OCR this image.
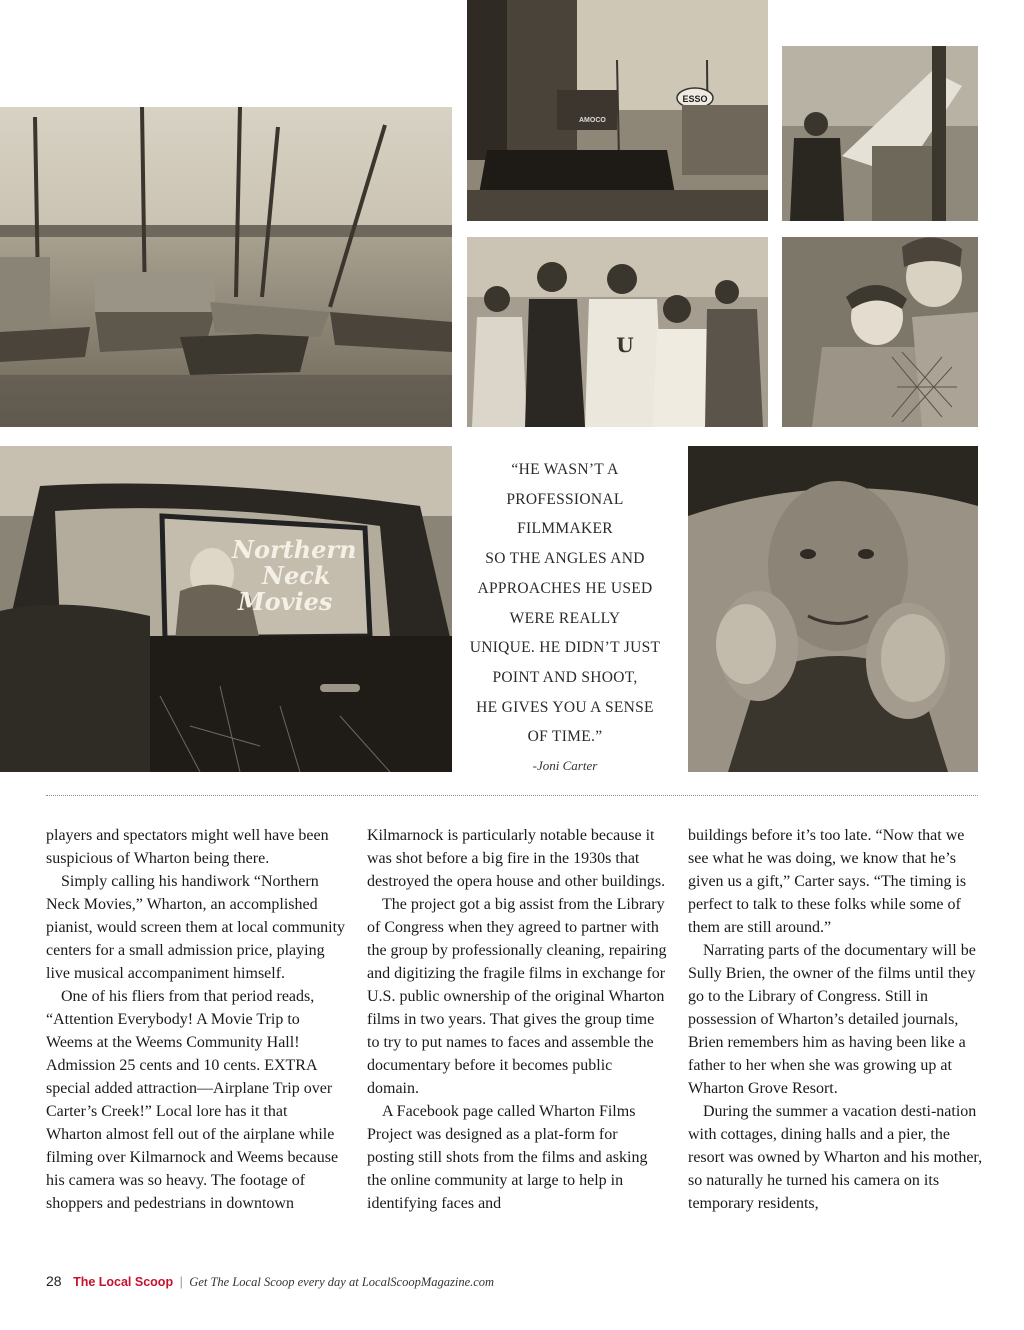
ESSO
AMOCO
U
Northern
Neck
Movies

“HE WASN’T A
PROFESSIONAL
FILMMAKER
SO THE ANGLES AND
APPROACHES HE USED
WERE REALLY
UNIQUE. HE DIDN’T JUST
POINT AND SHOOT,
HE GIVES YOU A SENSE
OF TIME.”

-Joni Carter

players and spectators might well have been suspicious of Wharton being there.

Simply calling his handiwork “Northern Neck Movies,” Wharton, an accomplished pianist, would screen them at local community centers for a small admission price, playing live musical accompaniment himself.

One of his fliers from that period reads, “Attention Everybody! A Movie Trip to Weems at the Weems Community Hall! Admission 25 cents and 10 cents. EXTRA special added attraction—Airplane Trip over Carter’s Creek!” Local lore has it that Wharton almost fell out of the airplane while filming over Kilmarnock and Weems because his camera was so heavy. The footage of shoppers and pedestrians in downtown

Kilmarnock is particularly notable because it was shot before a big fire in the 1930s that destroyed the opera house and other buildings.

The project got a big assist from the Library of Congress when they agreed to partner with the group by professionally cleaning, repairing and digitizing the fragile films in exchange for U.S. public ownership of the original Wharton films in two years. That gives the group time to try to put names to faces and assemble the documentary before it becomes public domain.

A Facebook page called Wharton Films Project was designed as a plat-form for posting still shots from the films and asking the online community at large to help in identifying faces and

buildings before it’s too late. “Now that we see what he was doing, we know that he’s given us a gift,” Carter says. “The timing is perfect to talk to these folks while some of them are still around.”

Narrating parts of the documentary will be Sully Brien, the owner of the films until they go to the Library of Congress. Still in possession of Wharton’s detailed journals, Brien remembers him as having been like a father to her when she was growing up at Wharton Grove Resort.

During the summer a vacation desti-nation with cottages, dining halls and a pier, the resort was owned by Wharton and his mother, so naturally he turned his camera on its temporary residents,

28 The Local Scoop | Get The Local Scoop every day at LocalScoopMagazine.com
